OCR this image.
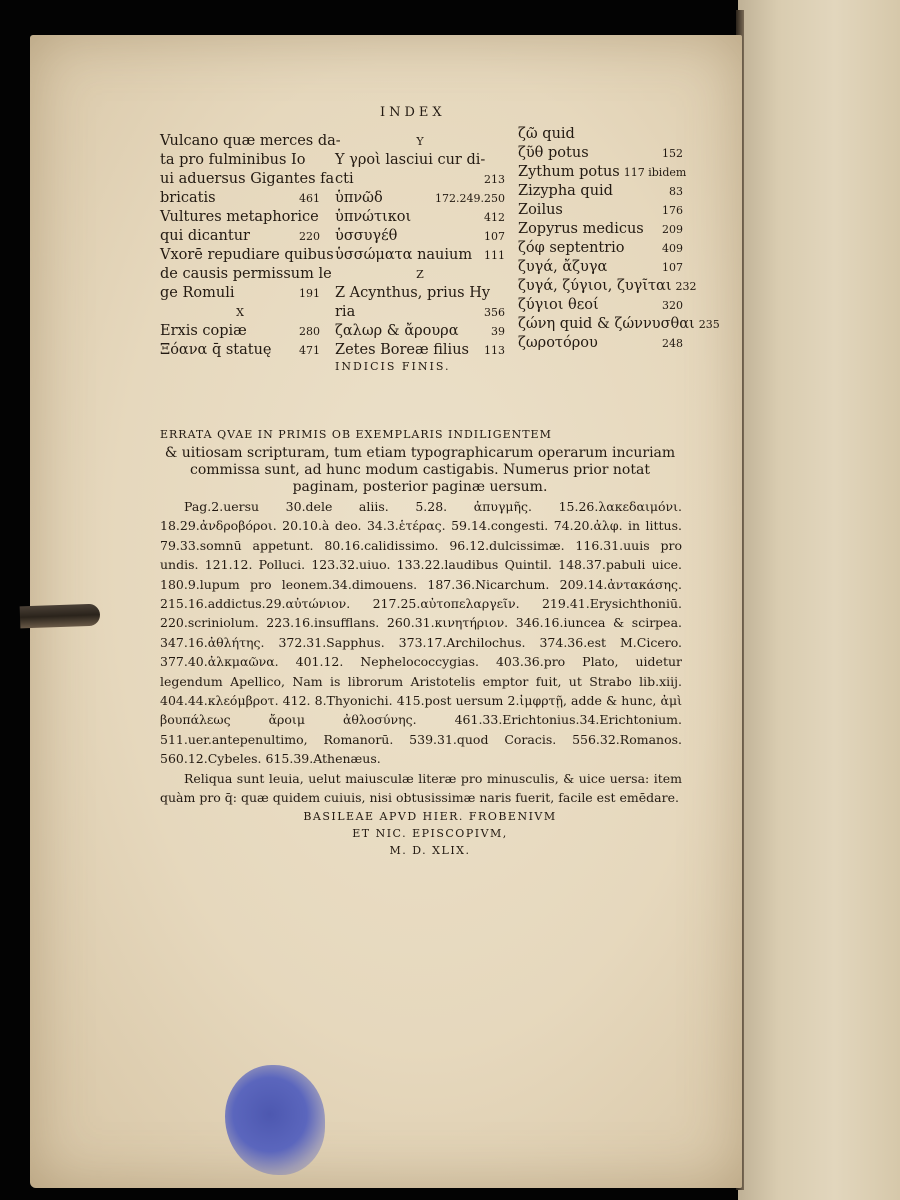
INDEX
Vulcano quæ merces da-
ta pro fulminibus Io
ui aduersus Gigantes fa
bricatis	461
Vultures metaphorice
qui dicantur	220
Vxorē repudiare quibus
de causis permissum le
ge Romuli	191
X
Erxis copiæ	280
Ξόανα q̄ statuę	471
Y
Υ γροὶ lasciui cur di-
cti	213
ὑπνῶδ	172.249.250
ὑπνώτικοι	412
ὑσσυγέθ	107
ὑσσώματα nauium 111
Z
Ζ Acynthus, prius Hy
ria	356
ζαλωρ & ἄρουρα	39
Zetes Boreæ filius 113
ζῶ quid
ζῦθ potus	152
Zythum potus 117 ibidem
Zizypha quid	83
Zoilus	176
Zopyrus medicus 209
ζόφ septentrio	409
ζυγά, ἄζυγα	107
ζυγά, ζύγιοι, ζυγῖται 232
ζύγιοι θεοί	320
ζώνη quid & ζώννυσθαι 235
ζωροτόρου	248
INDICIS FINIS.
ERRATA QVAE IN PRIMIS OB EXEMPLARIS INDILIGENTEM
& uitiosam scripturam, tum etiam typographicarum operarum incuriam commissa sunt, ad hunc modum castigabis. Numerus prior notat paginam, posterior paginæ uersum.
Pag.2.uersu 30.dele aliis. 5.28. ἀπυγμῆς. 15.26.λακεδαιμόνι. 18.29.ἀνδροβόροι. 20.10.à deo. 34.3.ἑτέρας. 59.14.congesti. 74.20.ἀλφ. in littus. 79.33.somnū appetunt. 80.16.calidissimo. 96.12.dulcissimæ. 116.31.uuis pro undis. 121.12. Polluci. 123.32.uiuo. 133.22.laudibus Quintil. 148.37.pabuli uice. 180.9.lupum pro leonem.34.dimouens. 187.36.Nicarchum. 209.14.ἀντακάσης. 215.16.addictus.29.αὐτώνιον. 217.25.αὐτοπελαργεῖν. 219.41.Erysichthoniū. 220.scriniolum. 223.16.insufflans. 260.31.κινητήριον. 346.16.iuncea & scirpea. 347.16.ἀθλήτης. 372.31.Sapphus. 373.17.Archilochus. 374.36.est M.Cicero. 377.40.ἀλκμαῶνα. 401.12. Nephelococcygias. 403.36.pro Plato, uidetur legendum Apellico, Nam is librorum Aristotelis emptor fuit, ut Strabo lib.xiij. 404.44.κλεόμβροτ. 412. 8.Thyonichi. 415.post uersum 2.ἰμφρτῇ, adde & hunc, ἀμὶ βουπάλεως ἄροιμ ἀθλοσύνης. 461.33.Erichtonius.34.Erichtonium. 511.uer.antepenultimo, Romanorū. 539.31.quod Coracis. 556.32.Romanos. 560.12.Cybeles. 615.39.Athenæus.
Reliqua sunt leuia, uelut maiusculæ literæ pro minusculis, & uice uersa: item quàm pro q̄: quæ quidem cuiuis, nisi obtusissimæ naris fuerit, facile est emēdare.
BASILEAE APVD HIER. FROBENIVM
ET NIC. EPISCOPIVM,
M. D. XLIX.
